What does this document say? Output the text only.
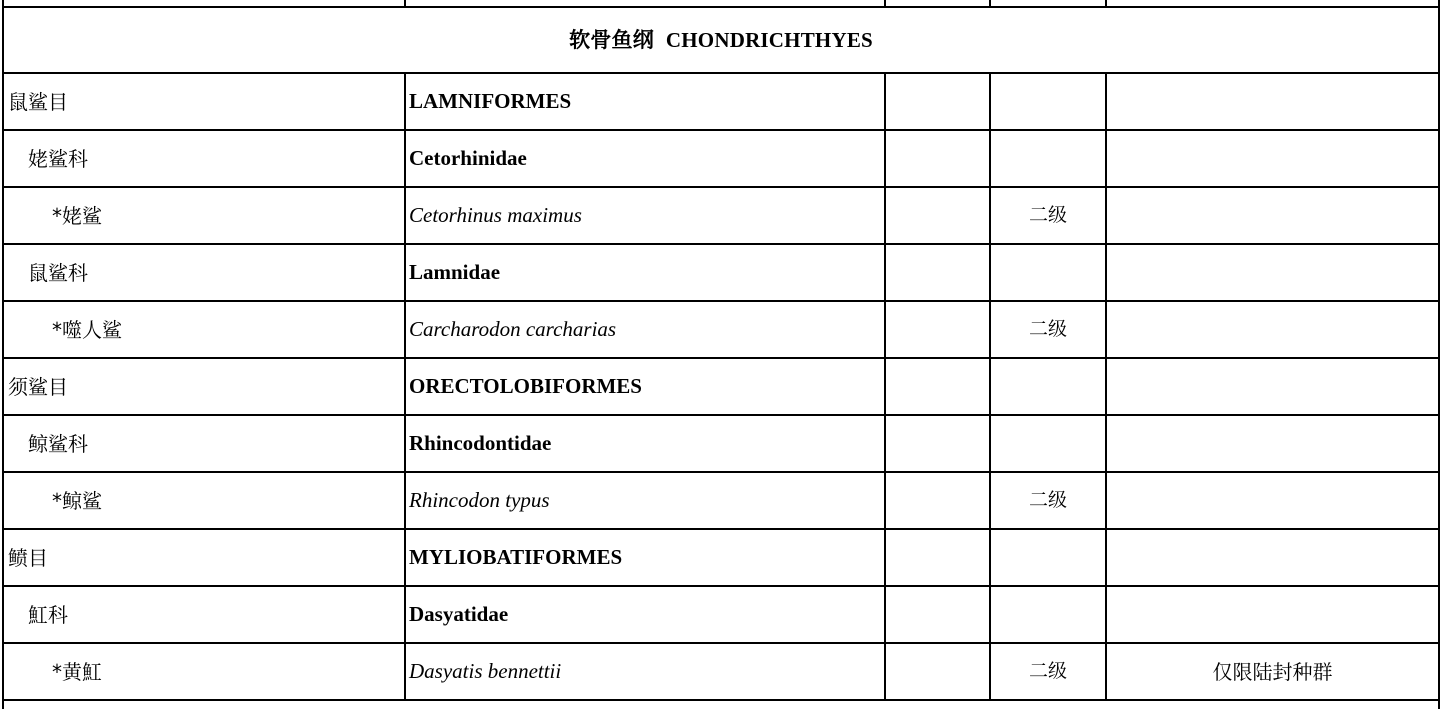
软骨鱼纲 CHONDRICHTHYES				
鼠鲨目	LAMNIFORMES			
姥鲨科	Cetorhinidae			
*姥鲨	Cetorhinus maximus		二级	
鼠鲨科	Lamnidae			
*噬人鲨	Carcharodon carcharias		二级	
须鲨目	ORECTOLOBIFORMES			
鲸鲨科	Rhincodontidae			
*鲸鲨	Rhincodon typus		二级	
鲼目	MYLIOBATIFORMES			
魟科	Dasyatidae			
*黄魟	Dasyatis bennettii		二级	仅限陆封种群
